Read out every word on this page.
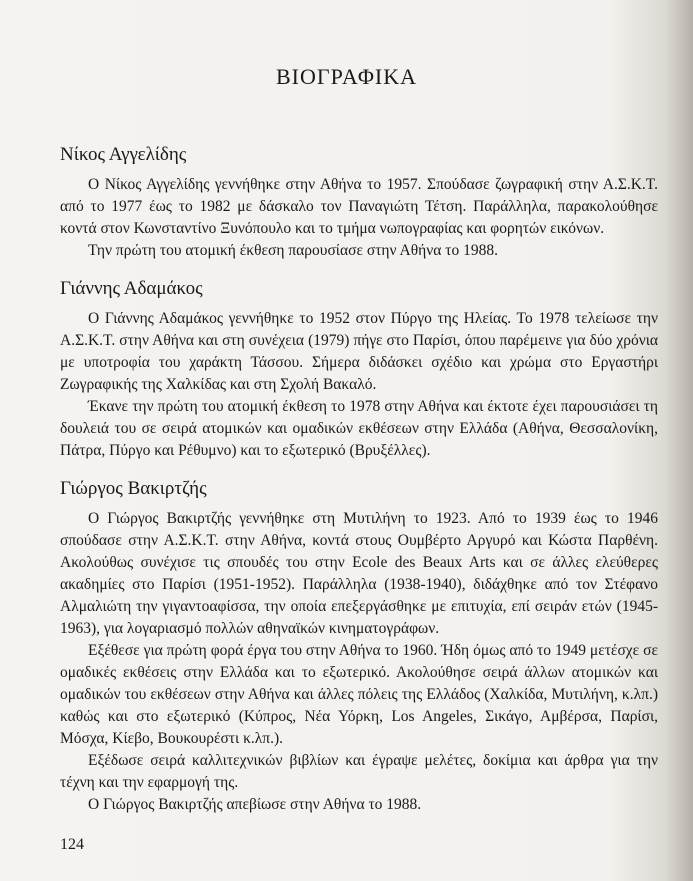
ΒΙΟΓΡΑΦΙΚΑ
Νίκος Αγγελίδης

Ο Νίκος Αγγελίδης γεννήθηκε στην Αθήνα το 1957. Σπούδασε ζωγραφική στην Α.Σ.Κ.Τ. από το 1977 έως το 1982 με δάσκαλο τον Παναγιώτη Τέτση. Παράλληλα, παρακολούθησε κοντά στον Κωνσταντίνο Ξυνόπουλο και το τμήμα νωπογραφίας και φορητών εικόνων.

Την πρώτη του ατομική έκθεση παρουσίασε στην Αθήνα το 1988.

Γιάννης Αδαμάκος

Ο Γιάννης Αδαμάκος γεννήθηκε το 1952 στον Πύργο της Ηλείας. Το 1978 τελείωσε την Α.Σ.Κ.Τ. στην Αθήνα και στη συνέχεια (1979) πήγε στο Παρίσι, όπου παρέμεινε για δύο χρόνια με υποτροφία του χαράκτη Τάσσου. Σήμερα διδάσκει σχέδιο και χρώμα στο Εργαστήρι Ζωγραφικής της Χαλκίδας και στη Σχολή Βακαλό.

Έκανε την πρώτη του ατομική έκθεση το 1978 στην Αθήνα και έκτοτε έχει παρουσιάσει τη δουλειά του σε σειρά ατομικών και ομαδικών εκθέσεων στην Ελλάδα (Αθήνα, Θεσσαλονίκη, Πάτρα, Πύργο και Ρέθυμνο) και το εξωτερικό (Βρυξέλλες).

Γιώργος Βακιρτζής

Ο Γιώργος Βακιρτζής γεννήθηκε στη Μυτιλήνη το 1923. Από το 1939 έως το 1946 σπούδασε στην Α.Σ.Κ.Τ. στην Αθήνα, κοντά στους Ουμβέρτο Αργυρό και Κώστα Παρθένη. Ακολούθως συνέχισε τις σπουδές του στην Ecole des Beaux Arts και σε άλλες ελεύθερες ακαδημίες στο Παρίσι (1951-1952). Παράλληλα (1938-1940), διδάχθηκε από τον Στέφανο Αλμαλιώτη την γιγαντοαφίσσα, την οποία επεξεργάσθηκε με επιτυχία, επί σειράν ετών (1945-1963), για λογαριασμό πολλών αθηναϊκών κινηματογράφων.

Εξέθεσε για πρώτη φορά έργα του στην Αθήνα το 1960. Ήδη όμως από το 1949 μετέσχε σε ομαδικές εκθέσεις στην Ελλάδα και το εξωτερικό. Ακολούθησε σειρά άλλων ατομικών και ομαδικών του εκθέσεων στην Αθήνα και άλλες πόλεις της Ελλάδος (Χαλκίδα, Μυτιλήνη, κ.λπ.) καθώς και στο εξωτερικό (Κύπρος, Νέα Υόρκη, Los Angeles, Σικάγο, Αμβέρσα, Παρίσι, Μόσχα, Κίεβο, Βουκουρέστι κ.λπ.).

Εξέδωσε σειρά καλλιτεχνικών βιβλίων και έγραψε μελέτες, δοκίμια και άρθρα για την τέχνη και την εφαρμογή της.

Ο Γιώργος Βακιρτζής απεβίωσε στην Αθήνα το 1988.

124
